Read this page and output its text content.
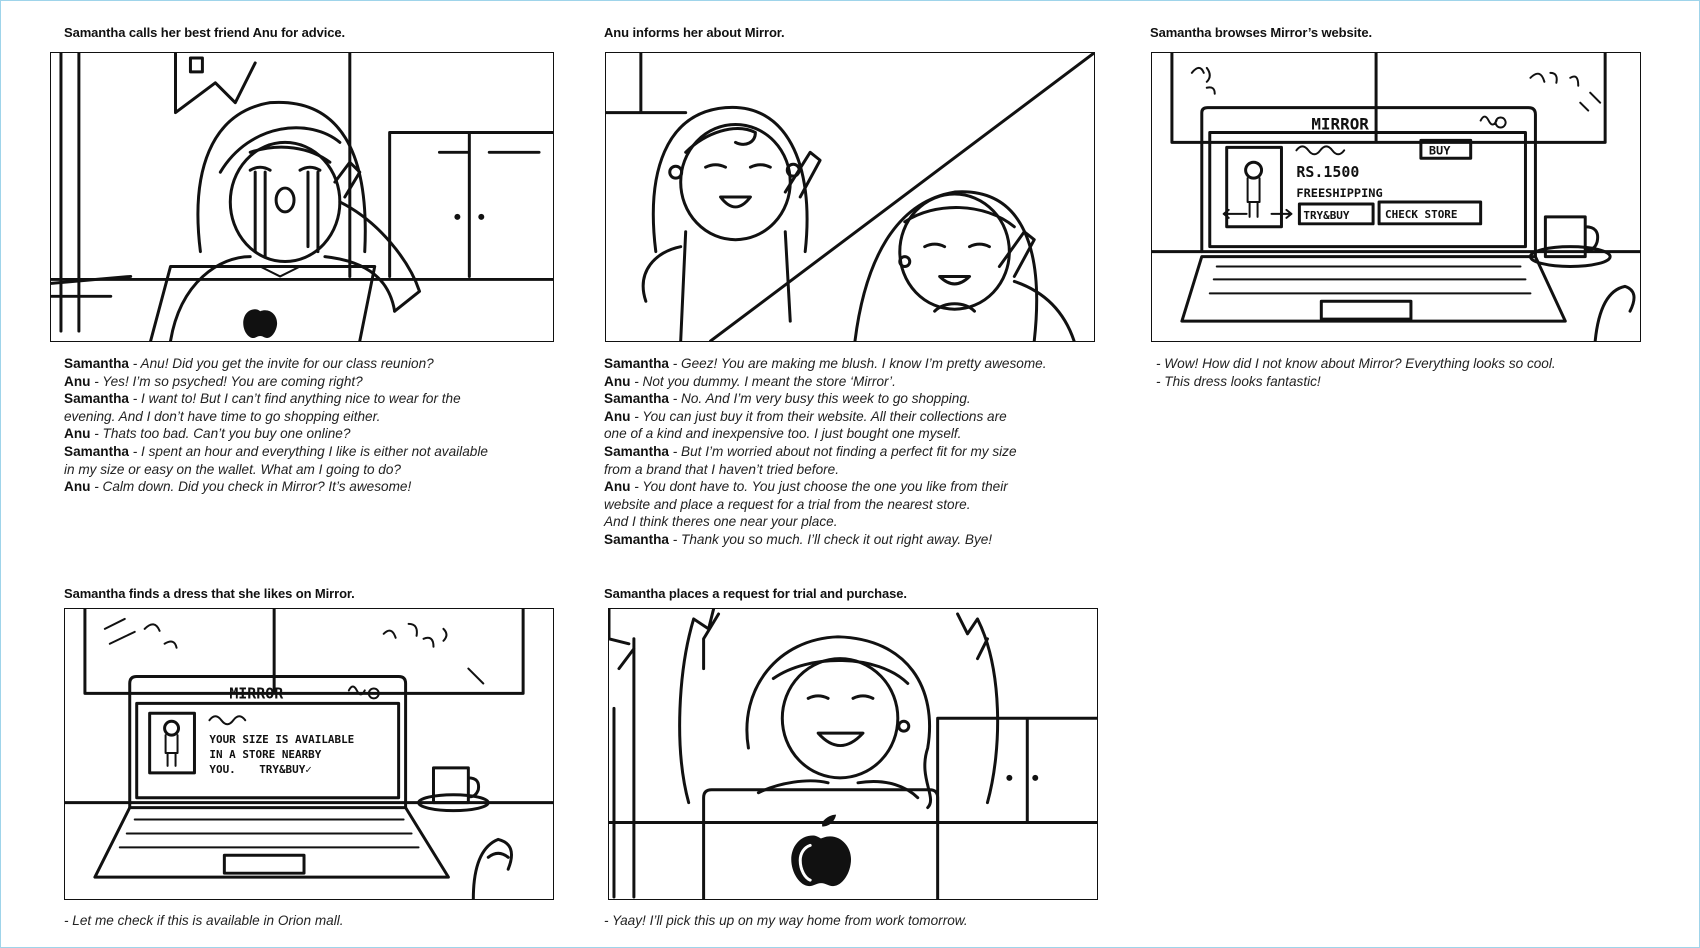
Samantha calls her best friend Anu for advice.
Samantha - Anu! Did you get the invite for our class reunion?
Anu - Yes! I’m so psyched! You are coming right?
Samantha - I want to! But I can’t find anything nice to wear for the
evening. And I don’t have time to go shopping either.
Anu - Thats too bad. Can’t you buy one online?
Samantha - I spent an hour and everything I like is either not available
in my size or easy on the wallet. What am I going to do?
Anu - Calm down. Did you check in Mirror? It’s awesome!
Anu informs her about Mirror.
Samantha - Geez! You are making me blush. I know I’m pretty awesome.
Anu - Not you dummy. I meant the store ‘Mirror’.
Samantha - No. And I’m very busy this week to go shopping.
Anu - You can just buy it from their website. All their collections are
one of a kind and inexpensive too. I just bought one myself.
Samantha - But I’m worried about not finding a perfect fit for my size
from a brand that I haven’t tried before.
Anu - You dont have to. You just choose the one you like from their
website and place a request for a trial from the nearest store.
And I think theres one near your place.
Samantha - Thank you so much. I’ll check it out right away. Bye!
Samantha browses Mirror’s website.
MIRROR
BUY
RS.1500
FREESHIPPING
TRY&BUY	CHECK STORE
- Wow! How did I not know about Mirror? Everything looks so cool.
- This dress looks fantastic!
Samantha finds a dress that she likes on Mirror.
MIRROR
YOUR SIZE IS AVAILABLE
IN A STORE NEARBY
YOU. TRY&BUY✓
- Let me check if this is available in Orion mall.
Samantha places a request for trial and purchase.
- Yaay! I’ll pick this up on my way home from work tomorrow.
